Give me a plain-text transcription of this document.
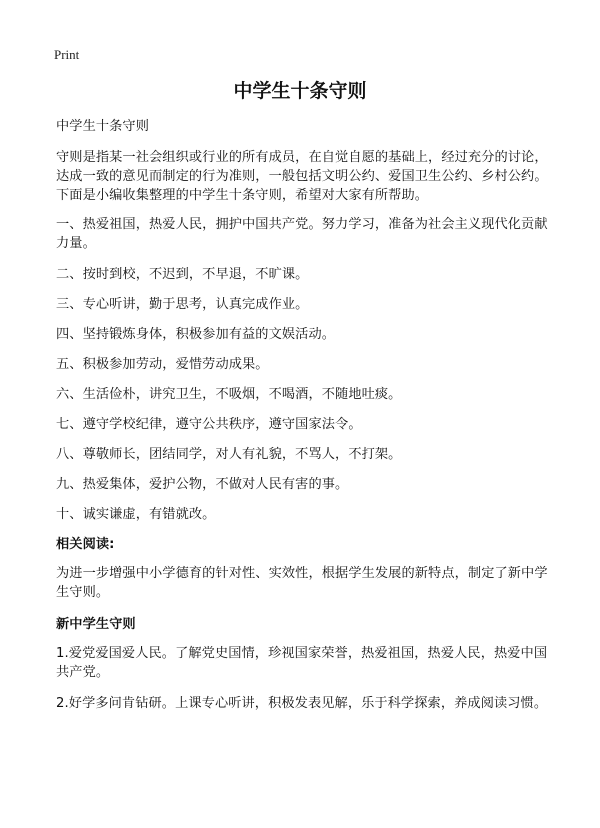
Print
中学生十条守则

中学生十条守则

守则是指某一社会组织或行业的所有成员，在自觉自愿的基础上，经过充分的讨论，达成一致的意见而制定的行为准则，一般包括文明公约、爱国卫生公约、乡村公约。下面是小编收集整理的中学生十条守则，希望对大家有所帮助。

一、热爱祖国，热爱人民，拥护中国共产党。努力学习，准备为社会主义现代化贡献力量。

二、按时到校，不迟到，不早退，不旷课。

三、专心听讲，勤于思考，认真完成作业。

四、坚持锻炼身体，积极参加有益的文娱活动。

五、积极参加劳动，爱惜劳动成果。

六、生活俭朴，讲究卫生，不吸烟，不喝酒，不随地吐痰。

七、遵守学校纪律，遵守公共秩序，遵守国家法令。

八、尊敬师长，团结同学，对人有礼貌，不骂人，不打架。

九、热爱集体，爱护公物，不做对人民有害的事。

十、诚实谦虚，有错就改。

相关阅读:

为进一步增强中小学德育的针对性、实效性，根据学生发展的新特点，制定了新中学生守则。

新中学生守则

1.爱党爱国爱人民。了解党史国情，珍视国家荣誉，热爱祖国，热爱人民，热爱中国共产党。

2.好学多问肯钻研。上课专心听讲，积极发表见解，乐于科学探索，养成阅读习惯。
